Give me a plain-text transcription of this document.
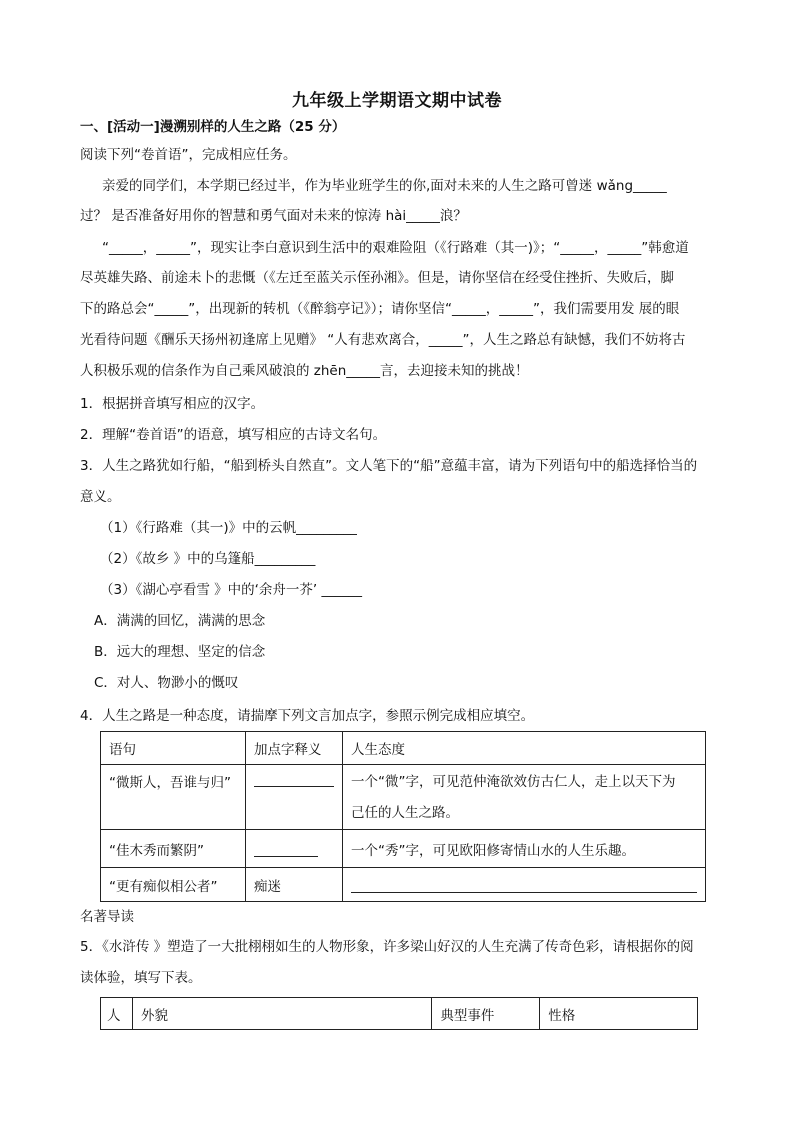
九年级上学期语文期中试卷
一、[活动一]漫溯别样的人生之路（25 分）
阅读下列“卷首语”，完成相应任务。
亲爱的同学们，本学期已经过半，作为毕业班学生的你,面对未来的人生之路可曾迷 wǎng_____
过？ 是否准备好用你的智慧和勇气面对未来的惊涛 hài_____浪？
“_____，_____”，现实让李白意识到生活中的艰难险阻（《行路难（其一)》；“_____，_____”韩愈道
尽英雄失路、前途未卜的悲慨（《左迁至蓝关示侄孙湘》。但是，请你坚信在经受住挫折、失败后，脚
下的路总会“_____”，出现新的转机（《醉翁亭记》）；请你坚信“_____，_____”，我们需要用发 展的眼
光看待问题《酬乐天扬州初逢席上见赠》 “人有悲欢离合，_____”，人生之路总有缺憾，我们不妨将古
人积极乐观的信条作为自己乘风破浪的 zhēn_____言，去迎接未知的挑战！
1．根据拼音填写相应的汉字。
2．理解“卷首语”的语意，填写相应的古诗文名句。
3．人生之路犹如行船，“船到桥头自然直”。文人笔下的“船”意蕴丰富，请为下列语句中的船选择恰当的
意义。
（1）《行路难（其一)》中的云帆_________
（2）《故乡 》中的乌篷船_________
（3）《湖心亭看雪 》中的‘余舟一芥’ ______
A．满满的回忆，满满的思念
B．远大的理想、坚定的信念
C．对人、物渺小的慨叹
4．人生之路是一种态度，请揣摩下列文言加点字，参照示例完成相应填空。
语句	加点字释义	人生态度
“微斯人，吾谁与归”		一个“微”字，可见范仲淹欲效仿古仁人，走上以天下为
己任的人生之路。

“佳木秀而繁阴”		一个“秀”字，可见欧阳修寄情山水的人生乐趣。
“更有痴似相公者”	痴迷	
名著导读
5．《水浒传 》塑造了一大批栩栩如生的人物形象，许多梁山好汉的人生充满了传奇色彩，请根据你的阅
读体验，填写下表。
人	外貌	典型事件	性格
